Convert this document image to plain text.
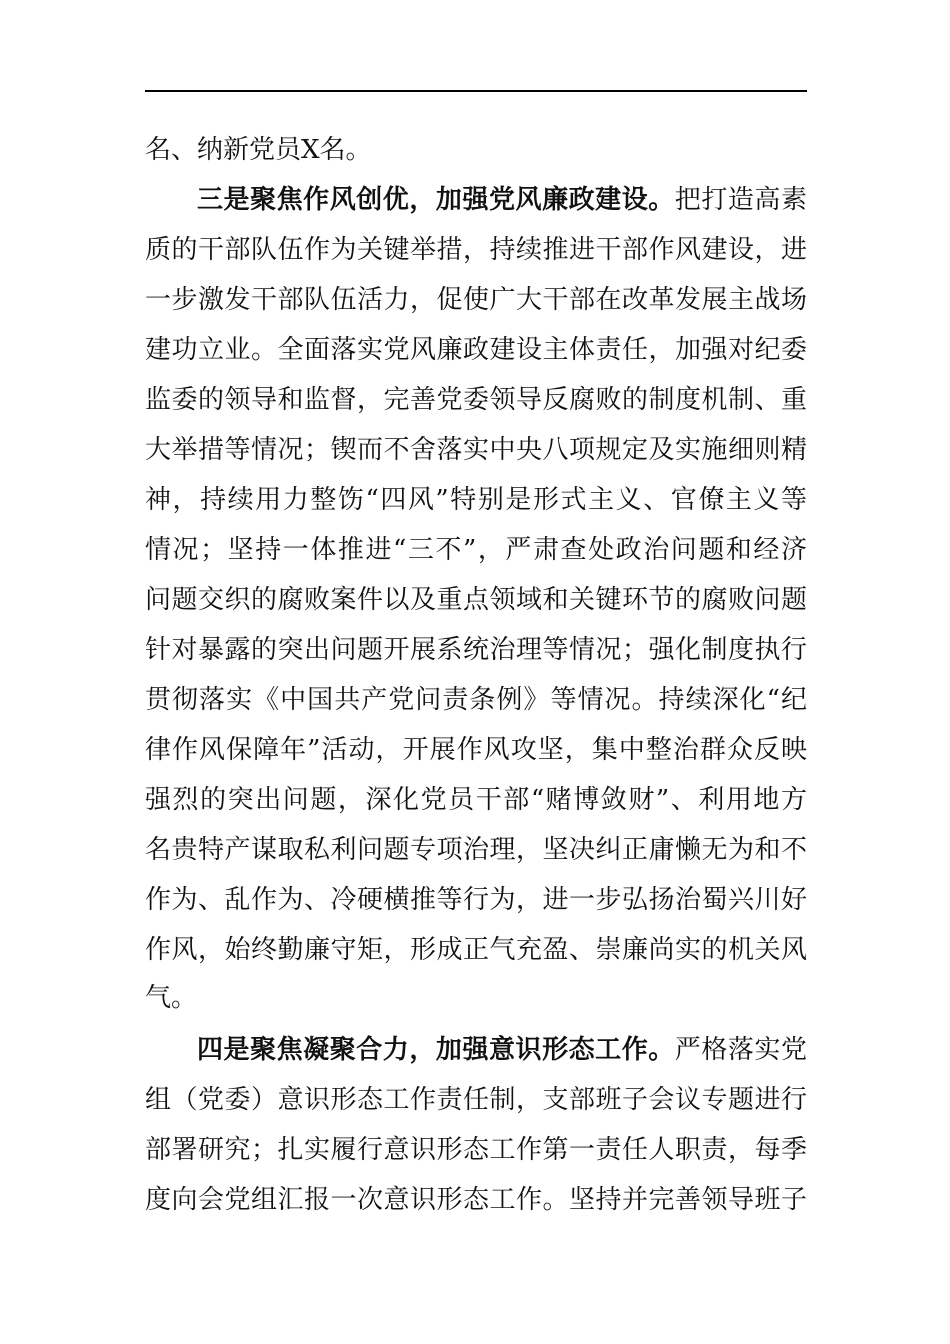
名、纳新党员X名。
三是聚焦作风创优，加强党风廉政建设。把打造高素
质的干部队伍作为关键举措，持续推进干部作风建设，进
一步激发干部队伍活力，促使广大干部在改革发展主战场
建功立业。全面落实党风廉政建设主体责任，加强对纪委
监委的领导和监督，完善党委领导反腐败的制度机制、重
大举措等情况；锲而不舍落实中央八项规定及实施细则精
神，持续用力整饬“四风”特别是形式主义、官僚主义等
情况；坚持一体推进“三不”，严肃查处政治问题和经济
问题交织的腐败案件以及重点领域和关键环节的腐败问题
针对暴露的突出问题开展系统治理等情况；强化制度执行
贯彻落实《中国共产党问责条例》等情况。持续深化“纪
律作风保障年”活动，开展作风攻坚，集中整治群众反映
强烈的突出问题，深化党员干部“赌博敛财”、利用地方
名贵特产谋取私利问题专项治理，坚决纠正庸懒无为和不
作为、乱作为、冷硬横推等行为，进一步弘扬治蜀兴川好
作风，始终勤廉守矩，形成正气充盈、崇廉尚实的机关风
气。
四是聚焦凝聚合力，加强意识形态工作。严格落实党
组（党委）意识形态工作责任制，支部班子会议专题进行
部署研究；扎实履行意识形态工作第一责任人职责，每季
度向会党组汇报一次意识形态工作。坚持并完善领导班子
